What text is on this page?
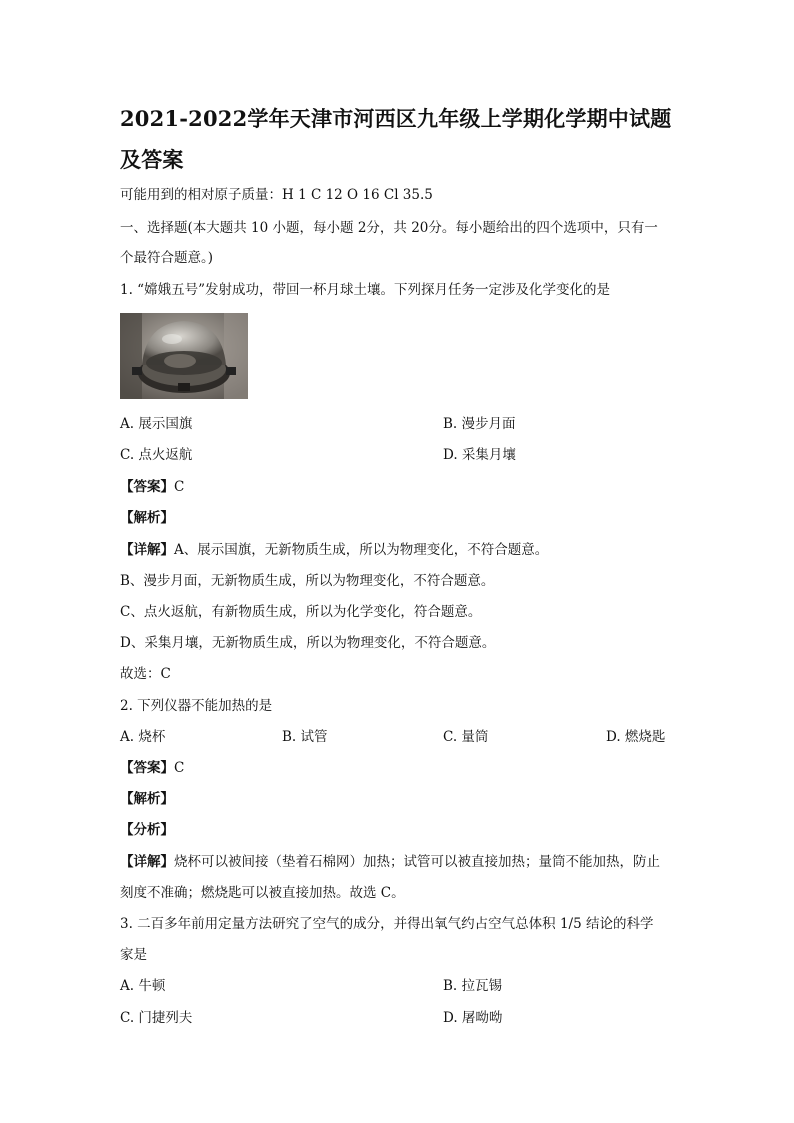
2021-2022学年天津市河西区九年级上学期化学期中试题及答案
可能用到的相对原子质量：H 1 C 12 O 16 Cl 35.5
一、选择题(本大题共 10 小题，每小题 2分，共 20分。每小题给出的四个选项中，只有一
个最符合题意。)
1. “嫦娥五号”发射成功，带回一杯月球土壤。下列探月任务一定涉及化学变化的是
A. 展示国旗	B. 漫步月面
C. 点火返航	D. 采集月壤
【答案】C
【解析】
【详解】A、展示国旗，无新物质生成，所以为物理变化，不符合题意。
B、漫步月面，无新物质生成，所以为物理变化，不符合题意。
C、点火返航，有新物质生成，所以为化学变化，符合题意。
D、采集月壤，无新物质生成，所以为物理变化，不符合题意。
故选：C
2. 下列仪器不能加热的是
A. 烧杯	B. 试管	C. 量筒	D. 燃烧匙
【答案】C
【解析】
【分析】
【详解】烧杯可以被间接（垫着石棉网）加热；试管可以被直接加热；量筒不能加热，防止
刻度不准确；燃烧匙可以被直接加热。故选 C。
3. 二百多年前用定量方法研究了空气的成分，并得出氧气约占空气总体积 1/5 结论的科学
家是
A. 牛顿	B. 拉瓦锡
C. 门捷列夫	D. 屠呦呦
